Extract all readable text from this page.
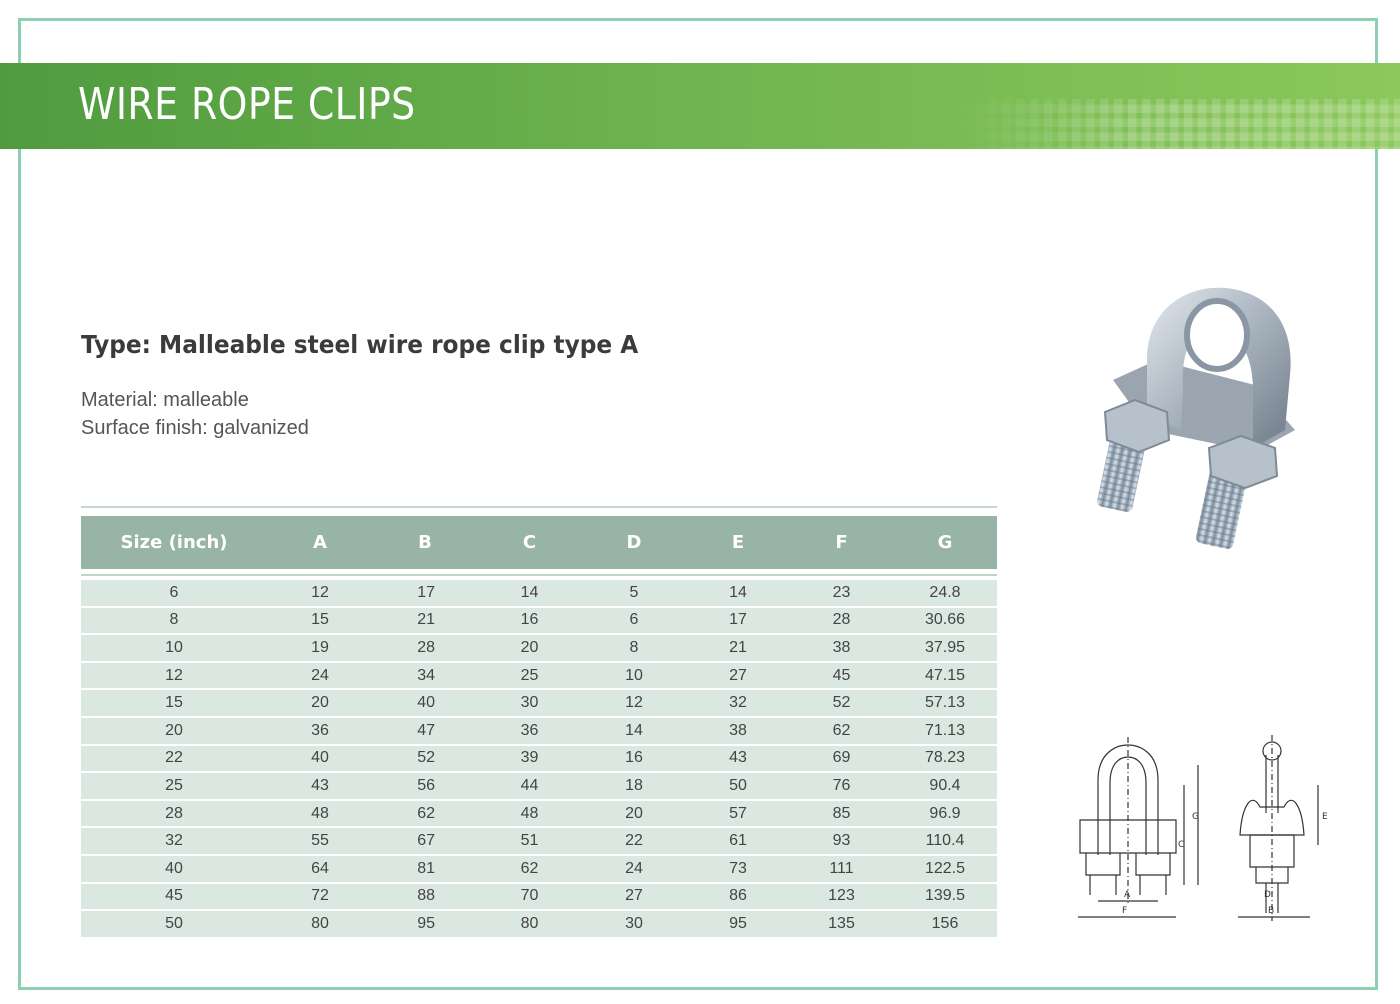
WIRE ROPE CLIPS
Type: Malleable steel wire rope clip type A
Material: malleable
Surface finish: galvanized
Size (inch)	A	B	C	D	E	F	G

6	12	17	14	5	14	23	24.8
8	15	21	16	6	17	28	30.66
10	19	28	20	8	21	38	37.95
12	24	34	25	10	27	45	47.15
15	20	40	30	12	32	52	57.13
20	36	47	36	14	38	62	71.13
22	40	52	39	16	43	69	78.23
25	43	56	44	18	50	76	90.4
28	48	62	48	20	57	85	96.9
32	55	67	51	22	61	93	110.4
40	64	81	62	24	73	111	122.5
45	72	88	70	27	86	123	139.5
50	80	95	80	30	95	135	156
A
F
G
C
D
B
E
